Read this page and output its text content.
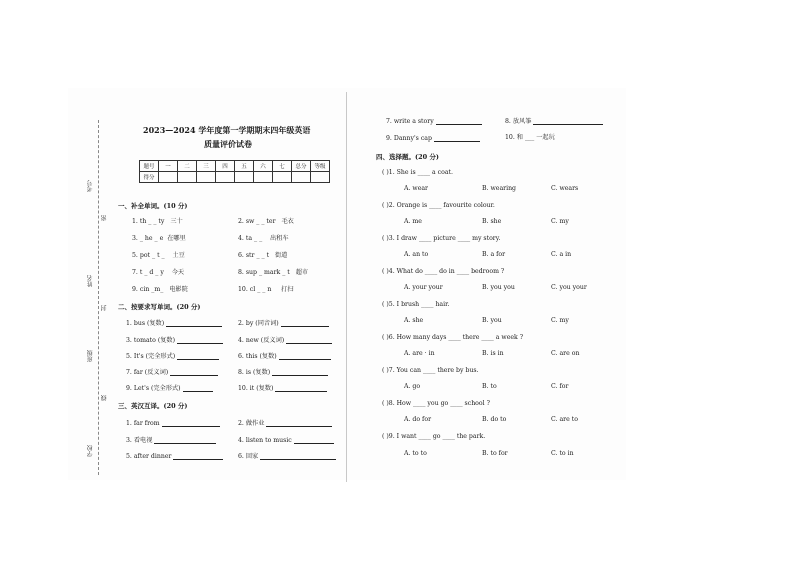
考号
姓名
班级
学校
密
封
线
2023—2024 学年度第一学期期末四年级英语
质量评价试卷
题号	一	二	三	四	五	六	七	总分	等级
得分									
一、补全单词。(10 分)
1. th _ _ ty 三十	2. sw _ _ ter 毛衣
3. _ he _ e 在哪里	4. ta _ _ 出租车
5. pot _ t _ 土豆	6. str _ _ t 街道
7. t _ d _ y 今天	8. sup _ mark _ t 超市
9. cin _m_ 电影院	10. cl _ _ n 打扫
二、按要求写单词。(20 分)
1. bus (复数)	2. by (同音词)
3. tomato (复数)	4. new (反义词)
5. It's (完全形式)	6. this (复数)
7. far (反义词)	8. is (复数)
9. Let's (完全形式)	10. it (复数)
三、英汉互译。(20 分)
1. far from	2. 做作业
3. 看电视	4. listen to music
5. after dinner	6. 回家
7. write a story	8. 放风筝
9. Danny's cap	10. 和 ___ 一起玩
四、选择题。(20 分)
( )1. She is ____ a coat.
A. wear	B. wearing	C. wears
( )2. Orange is ____ favourite colour.
A. me	B. she	C. my
( )3. I draw ____ picture ____ my story.
A. an to	B. a for	C. a in
( )4. What do ____ do in ____ bedroom ?
A. your your	B. you you	C. you your
( )5. I brush ____ hair.
A. she	B. you	C. my
( )6. How many days ____ there ____ a week ?
A. are · in	B. is in	C. are on
( )7. You can ____ there by bus.
A. go	B. to	C. for
( )8. How ____ you go ____ school ?
A. do for	B. do to	C. are to
( )9. I want ____ go ____ the park.
A. to to	B. to for	C. to in
